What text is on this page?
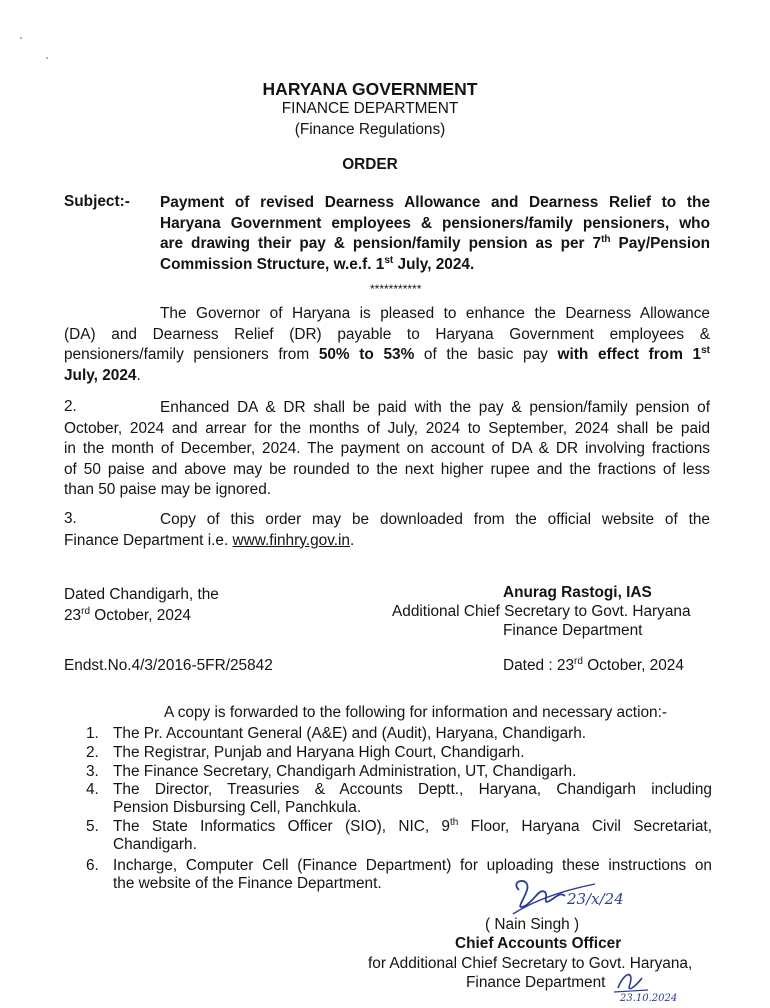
HARYANA GOVERNMENT
FINANCE DEPARTMENT
(Finance Regulations)
ORDER
Subject:- Payment of revised Dearness Allowance and Dearness Relief to the
Haryana Government employees & pensioners/family pensioners, who
are drawing their pay & pension/family pension as per 7th Pay/Pension
Commission Structure, w.e.f. 1st July, 2024.
***********
The Governor of Haryana is pleased to enhance the Dearness Allowance
(DA) and Dearness Relief (DR) payable to Haryana Government employees &
pensioners/family pensioners from 50% to 53% of the basic pay with effect from 1st
July, 2024.
2.	Enhanced DA & DR shall be paid with the pay & pension/family pension of
October, 2024 and arrear for the months of July, 2024 to September, 2024 shall be paid
in the month of December, 2024. The payment on account of DA & DR involving fractions
of 50 paise and above may be rounded to the next higher rupee and the fractions of less
than 50 paise may be ignored.
3.	Copy of this order may be downloaded from the official website of the
Finance Department i.e. www.finhry.gov.in.
Dated Chandigarh, the
23rd October, 2024
Anurag Rastogi, IAS
Additional Chief Secretary to Govt. Haryana
Finance Department
Endst.No.4/3/2016-5FR/25842	Dated : 23rd October, 2024
A copy is forwarded to the following for information and necessary action:-
1. The Pr. Accountant General (A&E) and (Audit), Haryana, Chandigarh.
2. The Registrar, Punjab and Haryana High Court, Chandigarh.
3. The Finance Secretary, Chandigarh Administration, UT, Chandigarh.
4. The Director, Treasuries & Accounts Deptt., Haryana, Chandigarh including
Pension Disbursing Cell, Panchkula.
5. The State Informatics Officer (SIO), NIC, 9th Floor, Haryana Civil Secretariat,
Chandigarh.
6. Incharge, Computer Cell (Finance Department) for uploading these instructions on
the website of the Finance Department.
23/x/24
( Nain Singh )
Chief Accounts Officer
for Additional Chief Secretary to Govt. Haryana,
Finance Department
23.10.2024
